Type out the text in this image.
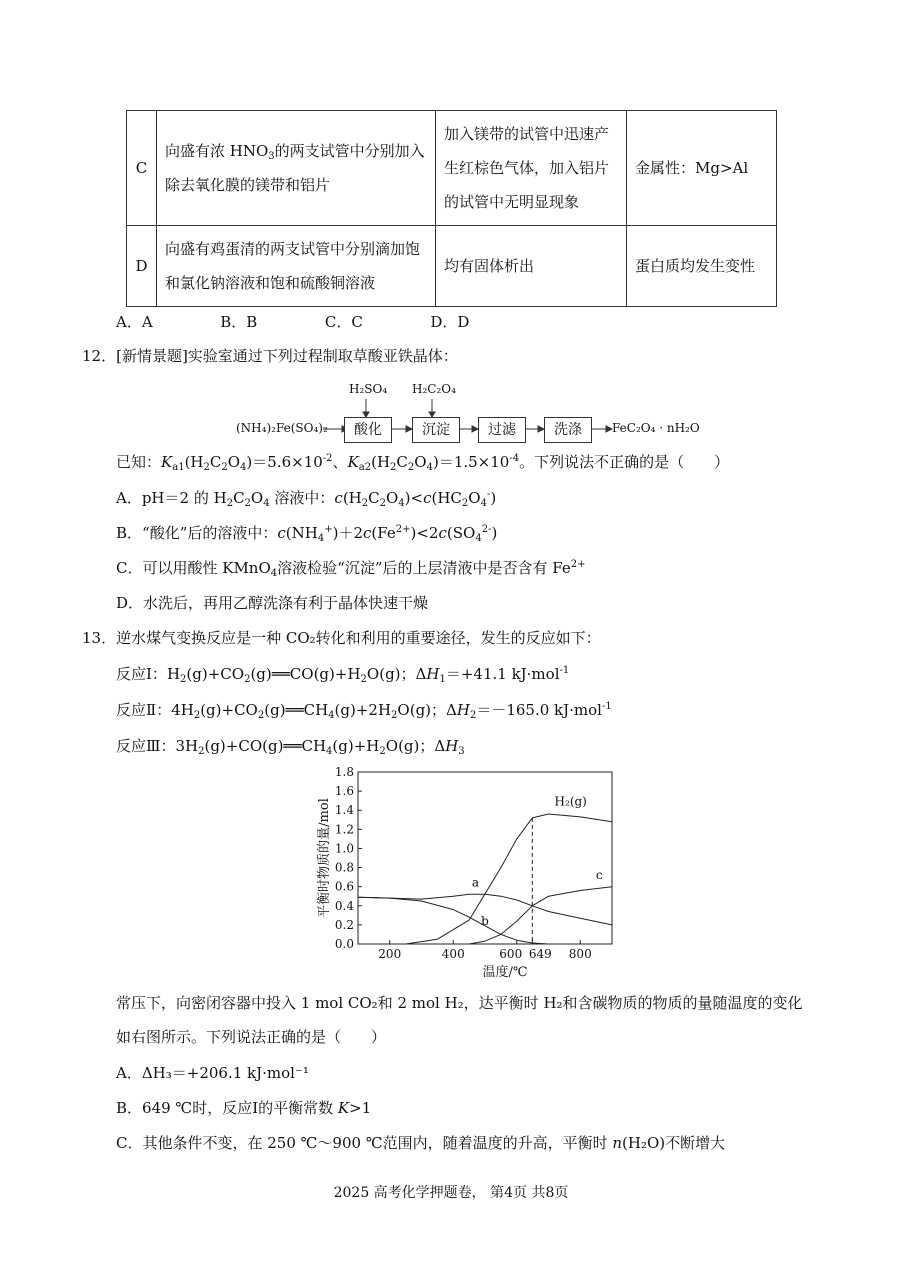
C	向盛有浓 $HNO_3$的两支试管中分别加入除去氧化膜的镁带和铝片	加入镁带的试管中迅速产生红棕色气体，加入铝片的试管中无明显现象	金属性：Mg>Al
D	向盛有鸡蛋清的两支试管中分别滴加饱和氯化钠溶液和饱和硫酸铜溶液	均有固体析出	蛋白质均发生变性
A．A	B．B	C．C	D．D
12．[新情景题]实验室通过下列过程制取草酸亚铁晶体：
(NH₄)₂Fe(SO₄)₂
H₂SO₄ H₂C₂O₄
酸化	沉淀	过滤	洗涤	FeC₂O₄ · nH₂O
已知：$K_{a1}(H_2C_2O_4)=5.6\times 10^{-2}$、$K_{a2}(H_2C_2O_4)=1.5\times 10^{-4}$。下列说法不正确的是（　　）
A．pH＝2 的 $H_2C_2O_4$ 溶液中：$c(H_2C_2O_4)<c(HC_2O_4^-)$
B．“酸化”后的溶液中：$c(NH_4^+)+2c(Fe^{2+})<2c(SO_4^{2-})$
C．可以用酸性 KMnO$_4$溶液检验“沉淀”后的上层清液中是否含有 $Fe^{2+}$
D．水洗后，再用乙醇洗涤有利于晶体快速干燥
13．逆水煤气变换反应是一种 CO₂转化和利用的重要途径，发生的反应如下：
反应Ⅰ：$H_2(g)+CO_2(g)══CO(g)+H_2O(g)$；$\Delta H_1=+41.1$ kJ·mol$^{-1}$
反应Ⅱ：$4H_2(g)+CO_2(g)══CH_4(g)+2H_2O(g)$；$\Delta H_2=-165.0$ kJ·mol$^{-1}$
反应Ⅲ：$3H_2(g)+CO(g)══CH_4(g)+H_2O(g)$；$\Delta H_3$
0.0
0.2
0.4
0.6
0.8
1.0
1.2
1.4
1.6
1.8
200	400	600 649 800
温度/℃
平衡时物质的量/mol	H₂(g)
a
b
c
常压下，向密闭容器中投入 1 mol CO₂和 2 mol H₂，达平衡时 H₂和含碳物质的物质的量随温度的变化
如右图所示。下列说法正确的是（　　）
A．ΔH₃＝+206.1 kJ·mol⁻¹
B．649 ℃时，反应Ⅰ的平衡常数 K>1
C．其他条件不变，在 250 ℃～900 ℃范围内，随着温度的升高，平衡时 n(H₂O)不断增大
2025 高考化学押题卷， 第4页 共8页
